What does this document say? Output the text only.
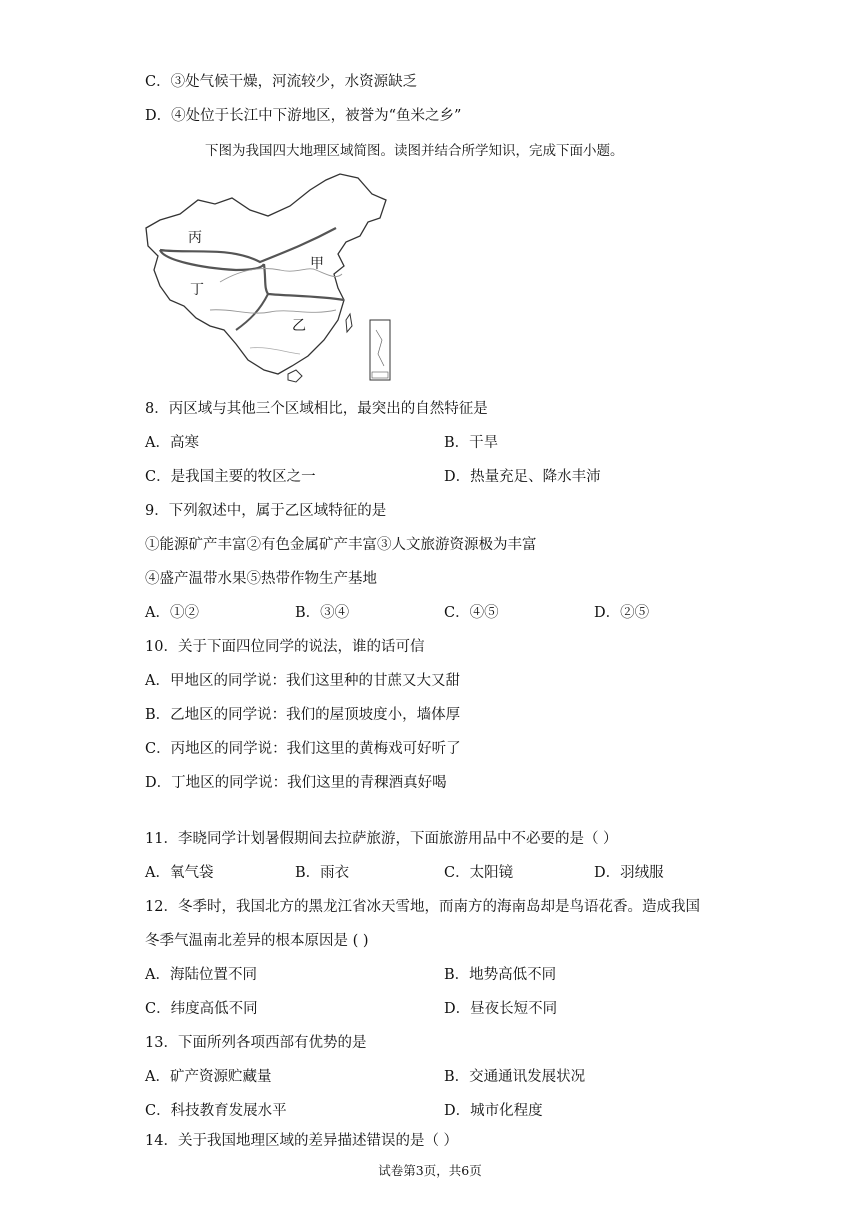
C．③处气候干燥，河流较少，水资源缺乏
D．④处位于长江中下游地区，被誉为“鱼米之乡”
下图为我国四大地理区域简图。读图并结合所学知识，完成下面小题。
丙
甲
丁
乙
8．丙区域与其他三个区域相比，最突出的自然特征是
A．高寒	B．干旱
C．是我国主要的牧区之一	D．热量充足、降水丰沛
9．下列叙述中，属于乙区域特征的是
①能源矿产丰富②有色金属矿产丰富③人文旅游资源极为丰富
④盛产温带水果⑤热带作物生产基地
A．①②	B．③④	C．④⑤	D．②⑤
10．关于下面四位同学的说法，谁的话可信
A．甲地区的同学说：我们这里种的甘蔗又大又甜
B．乙地区的同学说：我们的屋顶坡度小，墙体厚
C．丙地区的同学说：我们这里的黄梅戏可好听了
D．丁地区的同学说：我们这里的青稞酒真好喝
11．李晓同学计划暑假期间去拉萨旅游，下面旅游用品中不必要的是（ ）
A．氧气袋	B．雨衣	C．太阳镜	D．羽绒服
12．冬季时，我国北方的黑龙江省冰天雪地，而南方的海南岛却是鸟语花香。造成我国
冬季气温南北差异的根本原因是 ( )
A．海陆位置不同	B．地势高低不同
C．纬度高低不同	D．昼夜长短不同
13．下面所列各项西部有优势的是
A．矿产资源贮藏量	B．交通通讯发展状况
C．科技教育发展水平	D．城市化程度
14．关于我国地理区域的差异描述错误的是（ ）
试卷第3页，共6页
